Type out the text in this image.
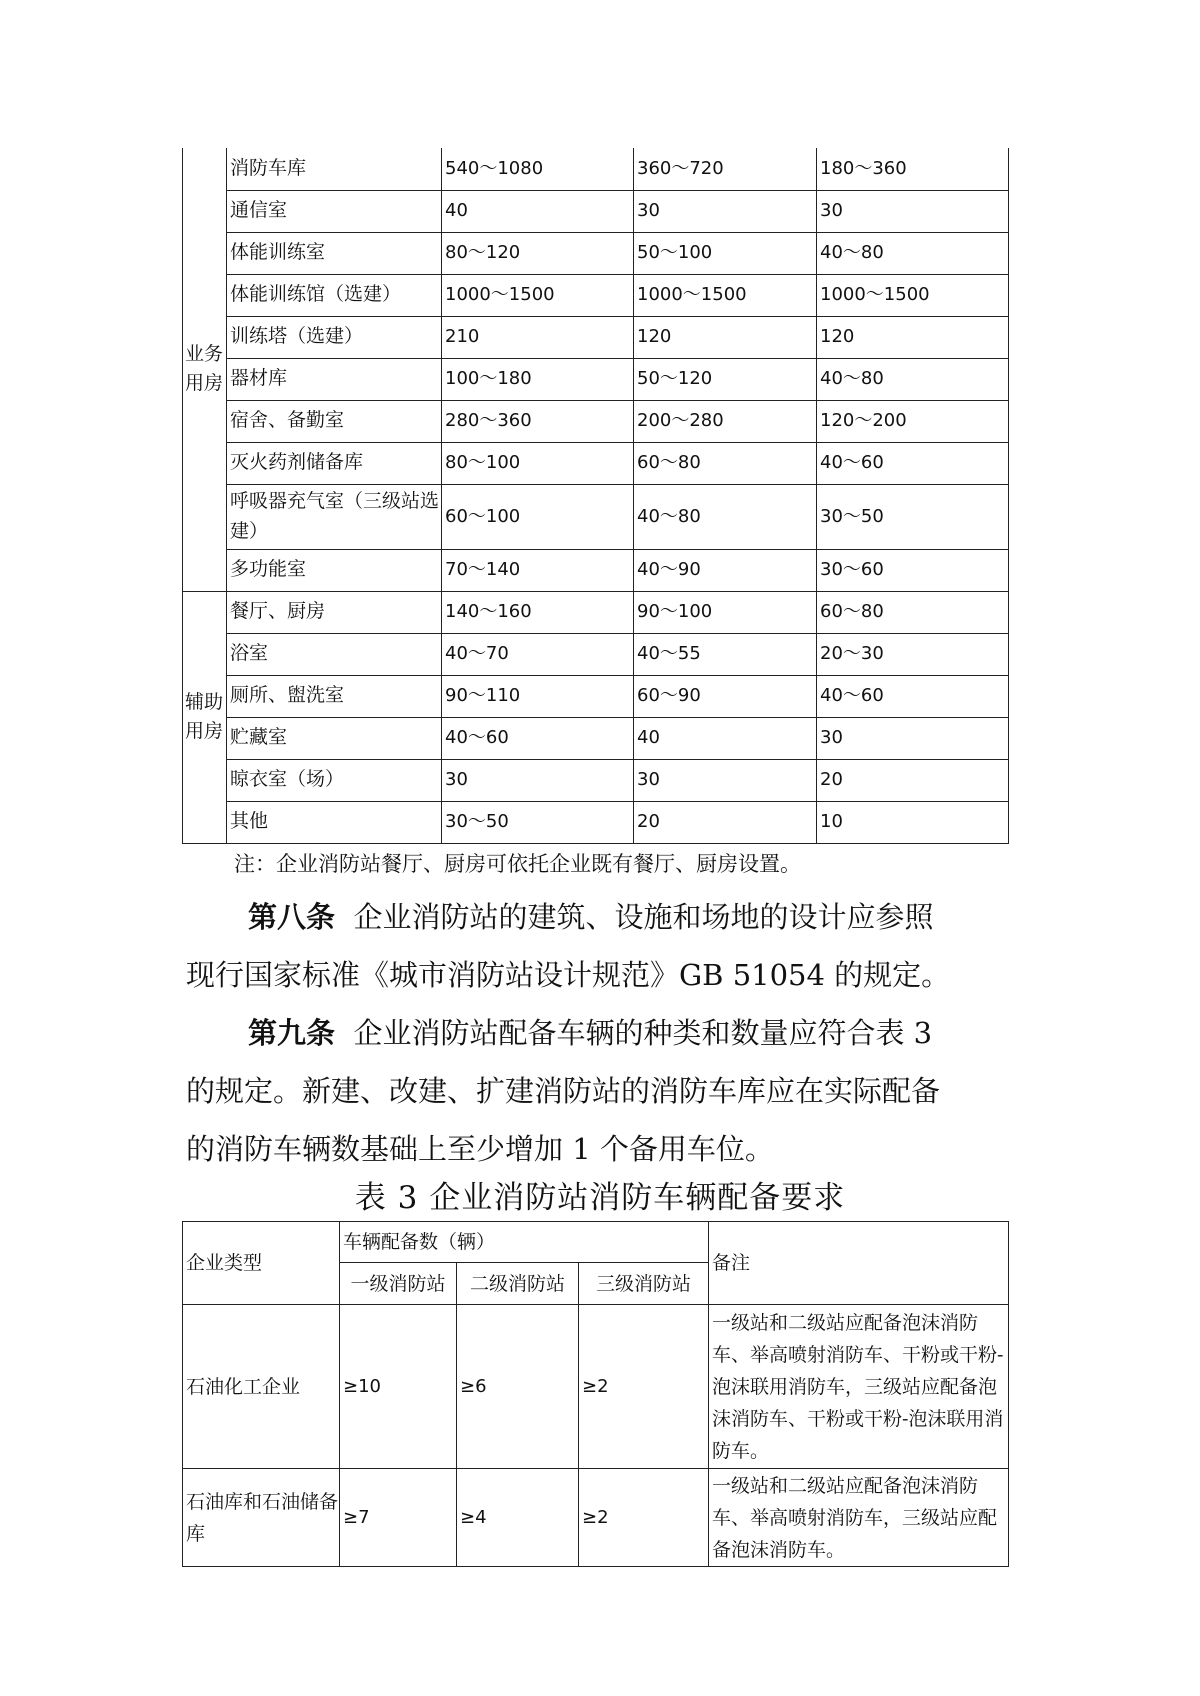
业务
用房	消防车库	540～1080	360～720	180～360
	通信室	40	30	30
	体能训练室	80～120	50～100	40～80
	体能训练馆（选建）	1000～1500	1000～1500	1000～1500
	训练塔（选建）	210	120	120
	器材库	100～180	50～120	40～80
	宿舍、备勤室	280～360	200～280	120～200
	灭火药剂储备库	80～100	60～80	40～60
	呼吸器充气室（三级站选建）	60～100	40～80	30～50
	多功能室	70～140	40～90	30～60
辅助
用房	餐厅、厨房	140～160	90～100	60～80
	浴室	40～70	40～55	20～30
	厕所、盥洗室	90～110	60～90	40～60
	贮藏室	40～60	40	30
	晾衣室（场）	30	30	20
	其他	30～50	20	10
注：企业消防站餐厅、厨房可依托企业既有餐厅、厨房设置。
第八条 企业消防站的建筑、设施和场地的设计应参照
现行国家标准《城市消防站设计规范》GB 51054 的规定。
第九条 企业消防站配备车辆的种类和数量应符合表 3
的规定。新建、改建、扩建消防站的消防车库应在实际配备
的消防车辆数基础上至少增加 1 个备用车位。
表 3 企业消防站消防车辆配备要求
企业类型	车辆配备数（辆）			备注
	一级消防站	二级消防站	三级消防站	
石油化工企业	≥10	≥6	≥2	一级站和二级站应配备泡沫消防车、举高喷射消防车、干粉或干粉-泡沫联用消防车，三级站应配备泡沫消防车、干粉或干粉-泡沫联用消防车。
石油库和石油储备库	≥7	≥4	≥2	一级站和二级站应配备泡沫消防车、举高喷射消防车，三级站应配备泡沫消防车。
